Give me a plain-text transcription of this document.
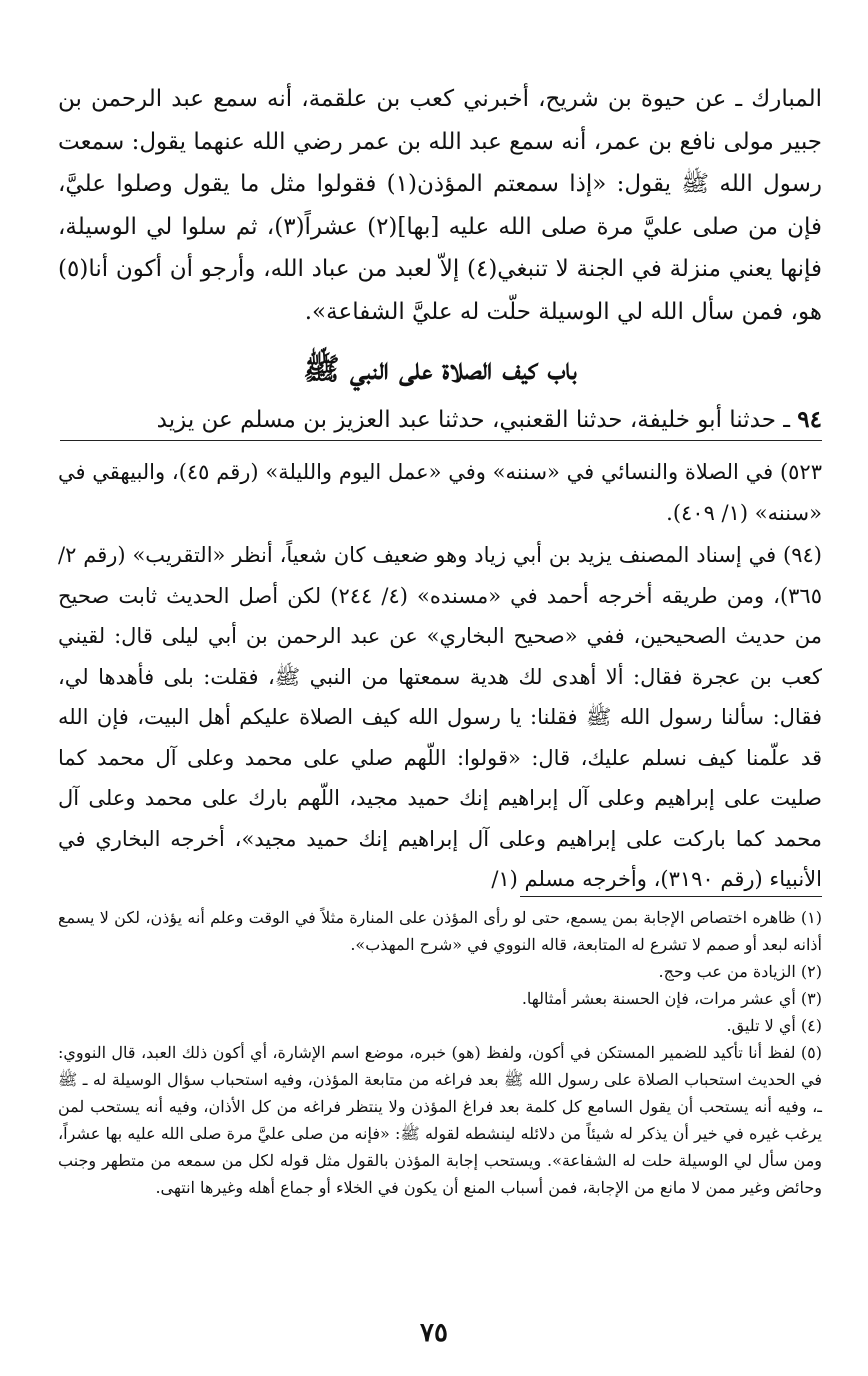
المبارك ـ عن حيوة بن شريح، أخبرني كعب بن علقمة، أنه سمع عبد الرحمن بن جبير مولى نافع بن عمر، أنه سمع عبد الله بن عمر رضي الله عنهما يقول: سمعت رسول الله ﷺ يقول: «إذا سمعتم المؤذن(١) فقولوا مثل ما يقول وصلوا عليَّ، فإن من صلى عليَّ مرة صلى الله عليه [بها](٢) عشراً(٣)، ثم سلوا لي الوسيلة، فإنها يعني منزلة في الجنة لا تنبغي(٤) إلاّ لعبد من عباد الله، وأرجو أن أكون أنا(٥) هو، فمن سأل الله لي الوسيلة حلّت له عليَّ الشفاعة».

باب كيف الصلاة على النبي ﷺ
٩٤ ـ حدثنا أبو خليفة، حدثنا القعنبي، حدثنا عبد العزيز بن مسلم عن يزيد

٥٢٣) في الصلاة والنسائي في «سننه» وفي «عمل اليوم والليلة» (رقم ٤٥)، والبيهقي في «سننه» (١/ ٤٠٩).

(٩٤) في إسناد المصنف يزيد بن أبي زياد وهو ضعيف كان شعياً، أنظر «التقريب» (رقم ٢/ ٣٦٥)، ومن طريقه أخرجه أحمد في «مسنده» (٤/ ٢٤٤) لكن أصل الحديث ثابت صحيح من حديث الصحيحين، ففي «صحيح البخاري» عن عبد الرحمن بن أبي ليلى قال: لقيني كعب بن عجرة فقال: ألا أهدى لك هدية سمعتها من النبي ﷺ، فقلت: بلى فأهدها لي، فقال: سألنا رسول الله ﷺ فقلنا: يا رسول الله كيف الصلاة عليكم أهل البيت، فإن الله قد علّمنا كيف نسلم عليك، قال: «قولوا: اللّهم صلي على محمد وعلى آل محمد كما صليت على إبراهيم وعلى آل إبراهيم إنك حميد مجيد، اللّهم بارك على محمد وعلى آل محمد كما باركت على إبراهيم وعلى آل إبراهيم إنك حميد مجيد»، أخرجه البخاري في الأنبياء (رقم ٣١٩٠)، وأخرجه مسلم (١/

(١) ظاهره اختصاص الإجابة بمن يسمع، حتى لو رأى المؤذن على المنارة مثلاً في الوقت وعلم أنه يؤذن، لكن لا يسمع أذانه لبعد أو صمم لا تشرع له المتابعة، قاله النووي في «شرح المهذب».

(٢) الزيادة من عب وحج.

(٣) أي عشر مرات، فإن الحسنة بعشر أمثالها.

(٤) أي لا تليق.

(٥) لفظ أنا تأكيد للضمير المستكن في أكون، ولفظ (هو) خبره، موضع اسم الإشارة، أي أكون ذلك العبد، قال النووي: في الحديث استحباب الصلاة على رسول الله ﷺ بعد فراغه من متابعة المؤذن، وفيه استحباب سؤال الوسيلة له ـ ﷺ ـ، وفيه أنه يستحب أن يقول السامع كل كلمة بعد فراغ المؤذن ولا ينتظر فراغه من كل الأذان، وفيه أنه يستحب لمن يرغب غيره في خير أن يذكر له شيئاً من دلائله لينشطه لقوله ﷺ: «فإنه من صلى عليَّ مرة صلى الله عليه بها عشراً، ومن سأل لي الوسيلة حلت له الشفاعة». ويستحب إجابة المؤذن بالقول مثل قوله لكل من سمعه من متطهر وجنب وحائض وغير ممن لا مانع من الإجابة، فمن أسباب المنع أن يكون في الخلاء أو جماع أهله وغيرها انتهى.

٧٥
